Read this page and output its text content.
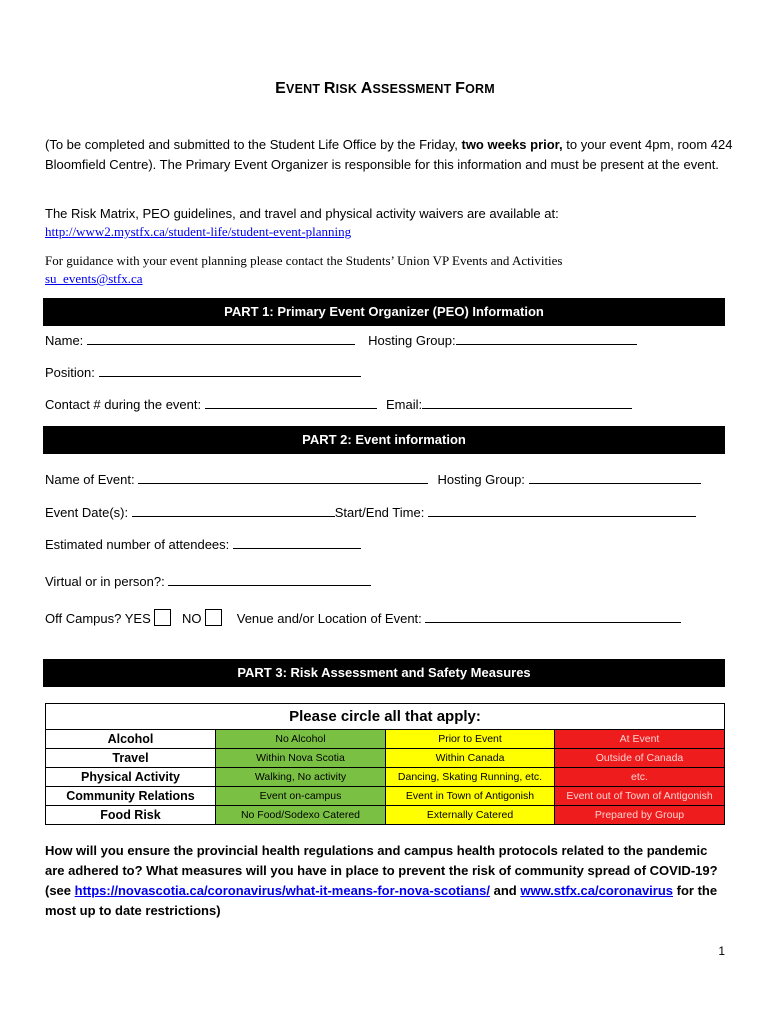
EVENT RISK ASSESSMENT FORM
(To be completed and submitted to the Student Life Office by the Friday, two weeks prior, to your event 4pm, room 424 Bloomfield Centre). The Primary Event Organizer is responsible for this information and must be present at the event.
The Risk Matrix, PEO guidelines, and travel and physical activity waivers are available at:
http://www2.mystfx.ca/student-life/student-event-planning
For guidance with your event planning please contact the Students’ Union VP Events and Activities
su_events@stfx.ca
PART 1: Primary Event Organizer (PEO) Information
Name:	Hosting Group:
Position:
Contact # during the event:	Email:
PART 2: Event information
Name of Event:	Hosting Group:
Event Date(s):	Start/End Time:
Estimated number of attendees:
Virtual or in person?:
Off Campus? YES NO	Venue and/or Location of Event:
PART 3: Risk Assessment and Safety Measures
Please circle all that apply:			
Alcohol	No Alcohol	Prior to Event	At Event
Travel	Within Nova Scotia	Within Canada	Outside of Canada
Physical Activity	Walking, No activity	Dancing, Skating Running, etc.	etc.
Community Relations	Event on-campus	Event in Town of Antigonish	Event out of Town of Antigonish
Food Risk	No Food/Sodexo Catered	Externally Catered	Prepared by Group
How will you ensure the provincial health regulations and campus health protocols related to the pandemic are adhered to? What measures will you have in place to prevent the risk of community spread of COVID-19? (see https://novascotia.ca/coronavirus/what-it-means-for-nova-scotians/ and www.stfx.ca/coronavirus for the most up to date restrictions)
1
